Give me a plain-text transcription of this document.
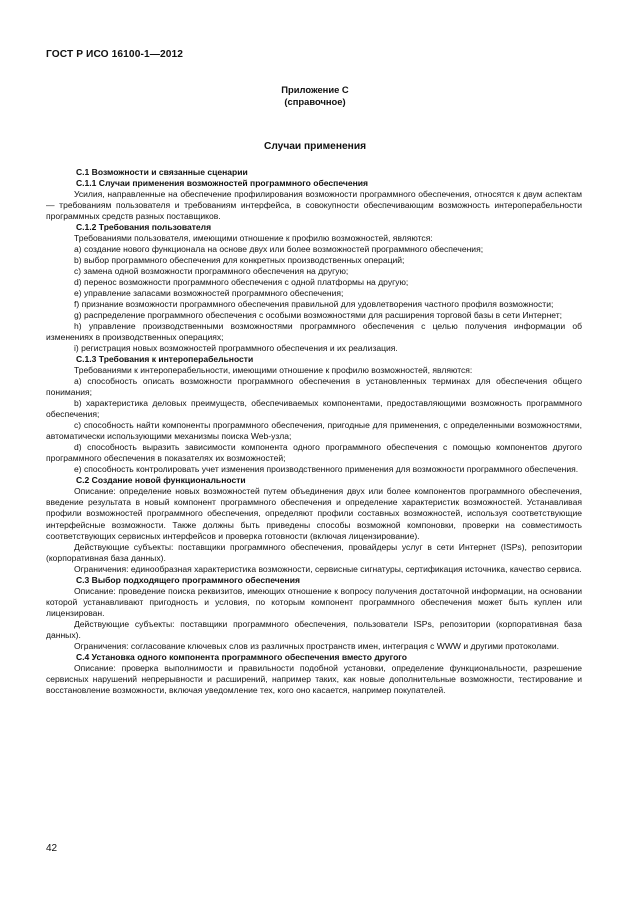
ГОСТ Р ИСО 16100-1—2012
Приложение С
(справочное)
Случаи применения

С.1 Возможности и связанные сценарии

С.1.1 Случаи применения возможностей программного обеспечения

Усилия, направленные на обеспечение профилирования возможности программного обеспечения, относятся к двум аспектам — требованиям пользователя и требованиям интерфейса, в совокупности обеспечивающим возможность интероперабельности программных средств разных поставщиков.

С.1.2 Требования пользователя

Требованиями пользователя, имеющими отношение к профилю возможностей, являются:

а) создание нового функционала на основе двух или более возможностей программного обеспечения;

b) выбор программного обеспечения для конкретных производственных операций;

с) замена одной возможности программного обеспечения на другую;

d) перенос возможности программного обеспечения с одной платформы на другую;

е) управление запасами возможностей программного обеспечения;

f) признание возможности программного обеспечения правильной для удовлетворения частного профиля возможности;

g) распределение программного обеспечения с особыми возможностями для расширения торговой базы в сети Интернет;

h) управление производственными возможностями программного обеспечения с целью получения информации об изменениях в производственных операциях;

i) регистрация новых возможностей программного обеспечения и их реализация.

С.1.3 Требования к интероперабельности

Требованиями к интероперабельности, имеющими отношение к профилю возможностей, являются:

а) способность описать возможности программного обеспечения в установленных терминах для обеспечения общего понимания;

b) характеристика деловых преимуществ, обеспечиваемых компонентами, предоставляющими возможность программного обеспечения;

с) способность найти компоненты программного обеспечения, пригодные для применения, с определенными возможностями, автоматически использующими механизмы поиска Web-узла;

d) способность выразить зависимости компонента одного программного обеспечения с помощью компонентов другого программного обеспечения в показателях их возможностей;

е) способность контролировать учет изменения производственного применения для возможности программного обеспечения.

С.2 Создание новой функциональности

Описание: определение новых возможностей путем объединения двух или более компонентов программного обеспечения, введение результата в новый компонент программного обеспечения и определение характеристик возможностей. Устанавливая профили возможностей программного обеспечения, определяют профили составных возможностей, используя соответствующие интерфейсные возможности. Также должны быть приведены способы возможной компоновки, проверки на совместимость соответствующих сервисных интерфейсов и проверка готовности (включая лицензирование).

Действующие субъекты: поставщики программного обеспечения, провайдеры услуг в сети Интернет (ISPs), репозитории (корпоративная база данных).

Ограничения: единообразная характеристика возможности, сервисные сигнатуры, сертификация источника, качество сервиса.

С.3 Выбор подходящего программного обеспечения

Описание: проведение поиска реквизитов, имеющих отношение к вопросу получения достаточной информации, на основании которой устанавливают пригодность и условия, по которым компонент программного обеспечения может быть куплен или лицензирован.

Действующие субъекты: поставщики программного обеспечения, пользователи ISPs, репозитории (корпоративная база данных).

Ограничения: согласование ключевых слов из различных пространств имен, интеграция с WWW и другими протоколами.

С.4 Установка одного компонента программного обеспечения вместо другого

Описание: проверка выполнимости и правильности подобной установки, определение функциональности, разрешение сервисных нарушений непрерывности и расширений, например таких, как новые дополнительные возможности, тестирование и восстановление возможности, включая уведомление тех, кого оно касается, например покупателей.

42
